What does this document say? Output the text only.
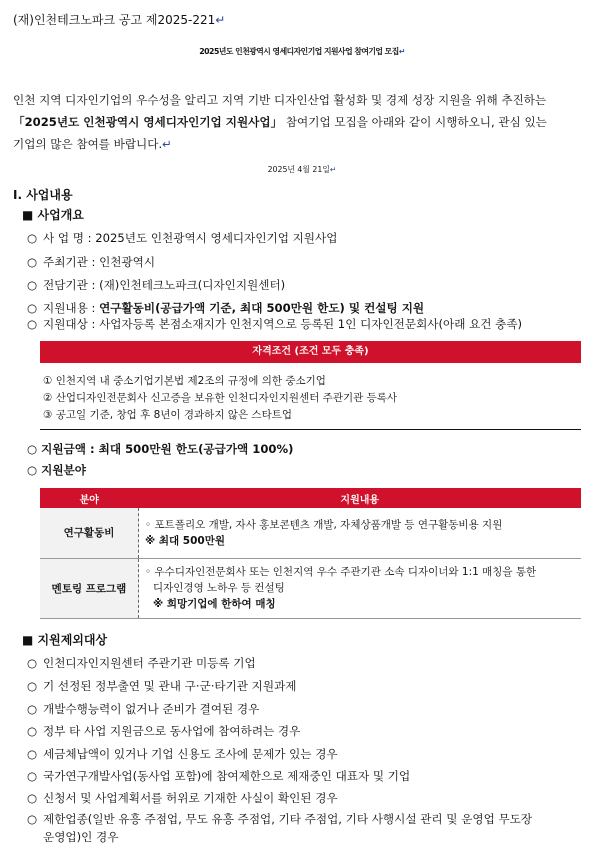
(재)인천테크노파크 공고 제2025-221↵
2025년도 인천광역시 영세디자인기업 지원사업 참여기업 모집↵
인천 지역 디자인기업의 우수성을 알리고 지역 기반 디자인산업 활성화 및 경제 성장 지원을 위해 추진하는
「2025년도 인천광역시 영세디자인기업 지원사업」 참여기업 모집을 아래와 같이 시행하오니, 관심 있는
기업의 많은 참여를 바랍니다.↵
2025년 4월 21일↵
Ⅰ. 사업내용
■ 사업개요
○ 사 업 명 : 2025년도 인천광역시 영세디자인기업 지원사업
○ 주최기관 : 인천광역시
○ 전담기관 : (재)인천테크노파크(디자인지원센터)
○ 지원내용 : 연구활동비(공급가액 기준, 최대 500만원 한도) 및 컨설팅 지원
○ 지원대상 : 사업자등록 본점소재지가 인천지역으로 등록된 1인 디자인전문회사(아래 요건 충족)
자격조건 (조건 모두 충족)
① 인천지역 내 중소기업기본법 제2조의 규정에 의한 중소기업
② 산업디자인전문회사 신고증을 보유한 인천디자인지원센터 주관기관 등록사
③ 공고일 기준, 창업 후 8년이 경과하지 않은 스타트업
○ 지원금액 : 최대 500만원 한도(공급가액 100%)
○ 지원분야
분야	지원내용
연구활동비	◦ 포트폴리오 개발, 자사 홍보콘텐츠 개발, 자체상품개발 등 연구활동비용 지원
※ 최대 500만원

멘토링 프로그램	◦ 우수디자인전문회사 또는 인천지역 우수 주관기관 소속 디자이너와 1:1 매칭을 통한
디자인경영 노하우 등 컨설팅
※ 희망기업에 한하여 매칭
■ 지원제외대상
○ 인천디자인지원센터 주관기관 미등록 기업
○ 기 선정된 정부출연 및 관내 구·군·타기관 지원과제
○ 개발수행능력이 없거나 준비가 결여된 경우
○ 정부 타 사업 지원금으로 동사업에 참여하려는 경우
○ 세금체납액이 있거나 기업 신용도 조사에 문제가 있는 경우
○ 국가연구개발사업(동사업 포함)에 참여제한으로 제재중인 대표자 및 기업
○ 신청서 및 사업계획서를 허위로 기재한 사실이 확인된 경우
○ 제한업종(일반 유흥 주점업, 무도 유흥 주점업, 기타 주점업, 기타 사행시설 관리 및 운영업 무도장
운영업)인 경우
